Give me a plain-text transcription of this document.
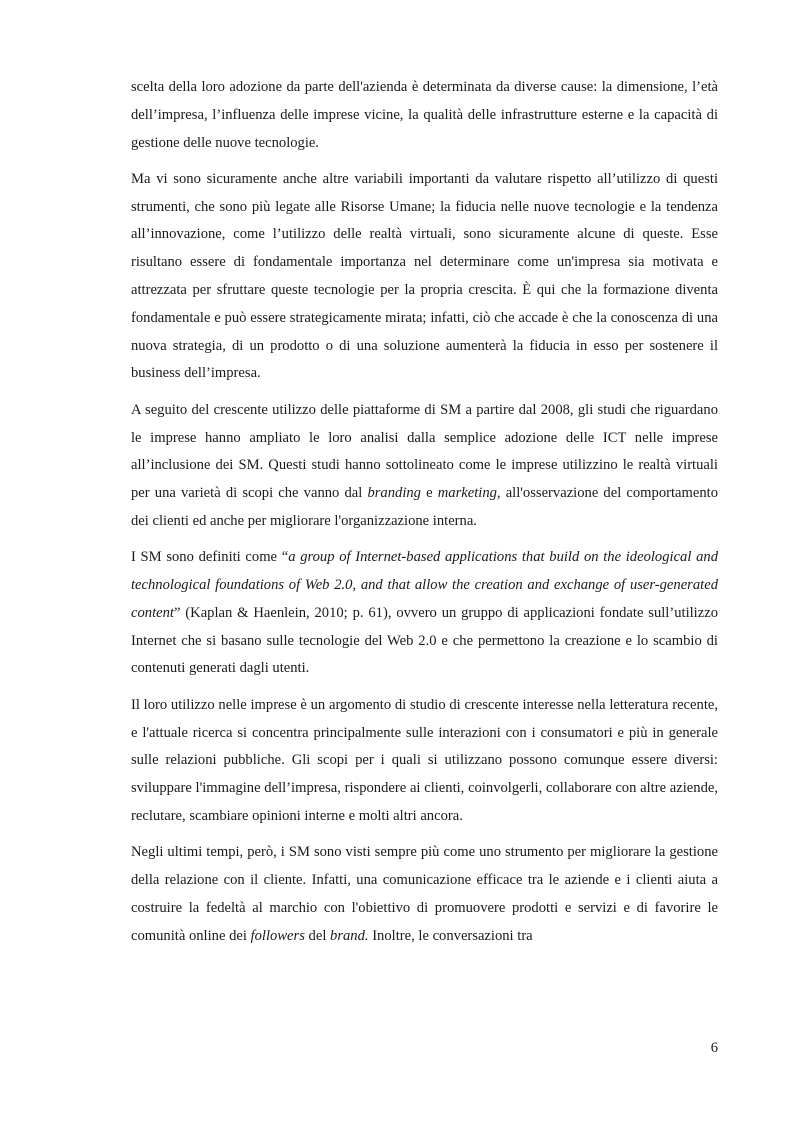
scelta della loro adozione da parte dell'azienda è determinata da diverse cause: la dimensione, l’età dell’impresa, l’influenza delle imprese vicine, la qualità delle infrastrutture esterne e la capacità di gestione delle nuove tecnologie.

Ma vi sono sicuramente anche altre variabili importanti da valutare rispetto all’utilizzo di questi strumenti, che sono più legate alle Risorse Umane; la fiducia nelle nuove tecnologie e la tendenza all’innovazione, come l’utilizzo delle realtà virtuali, sono sicuramente alcune di queste. Esse risultano essere di fondamentale importanza nel determinare come un'impresa sia motivata e attrezzata per sfruttare queste tecnologie per la propria crescita. È qui che la formazione diventa fondamentale e può essere strategicamente mirata; infatti, ciò che accade è che la conoscenza di una nuova strategia, di un prodotto o di una soluzione aumenterà la fiducia in esso per sostenere il business dell’impresa.

A seguito del crescente utilizzo delle piattaforme di SM a partire dal 2008, gli studi che riguardano le imprese hanno ampliato le loro analisi dalla semplice adozione delle ICT nelle imprese all’inclusione dei SM. Questi studi hanno sottolineato come le imprese utilizzino le realtà virtuali per una varietà di scopi che vanno dal branding e marketing, all'osservazione del comportamento dei clienti ed anche per migliorare l'organizzazione interna.

I SM sono definiti come “a group of Internet-based applications that build on the ideological and technological foundations of Web 2.0, and that allow the creation and exchange of user-generated content” (Kaplan & Haenlein, 2010; p. 61), ovvero un gruppo di applicazioni fondate sull’utilizzo Internet che si basano sulle tecnologie del Web 2.0 e che permettono la creazione e lo scambio di contenuti generati dagli utenti.

Il loro utilizzo nelle imprese è un argomento di studio di crescente interesse nella letteratura recente, e l'attuale ricerca si concentra principalmente sulle interazioni con i consumatori e più in generale sulle relazioni pubbliche. Gli scopi per i quali si utilizzano possono comunque essere diversi: sviluppare l'immagine dell’impresa, rispondere ai clienti, coinvolgerli, collaborare con altre aziende, reclutare, scambiare opinioni interne e molti altri ancora.

Negli ultimi tempi, però, i SM sono visti sempre più come uno strumento per migliorare la gestione della relazione con il cliente. Infatti, una comunicazione efficace tra le aziende e i clienti aiuta a costruire la fedeltà al marchio con l'obiettivo di promuovere prodotti e servizi e di favorire le comunità online dei followers del brand. Inoltre, le conversazioni tra

6
